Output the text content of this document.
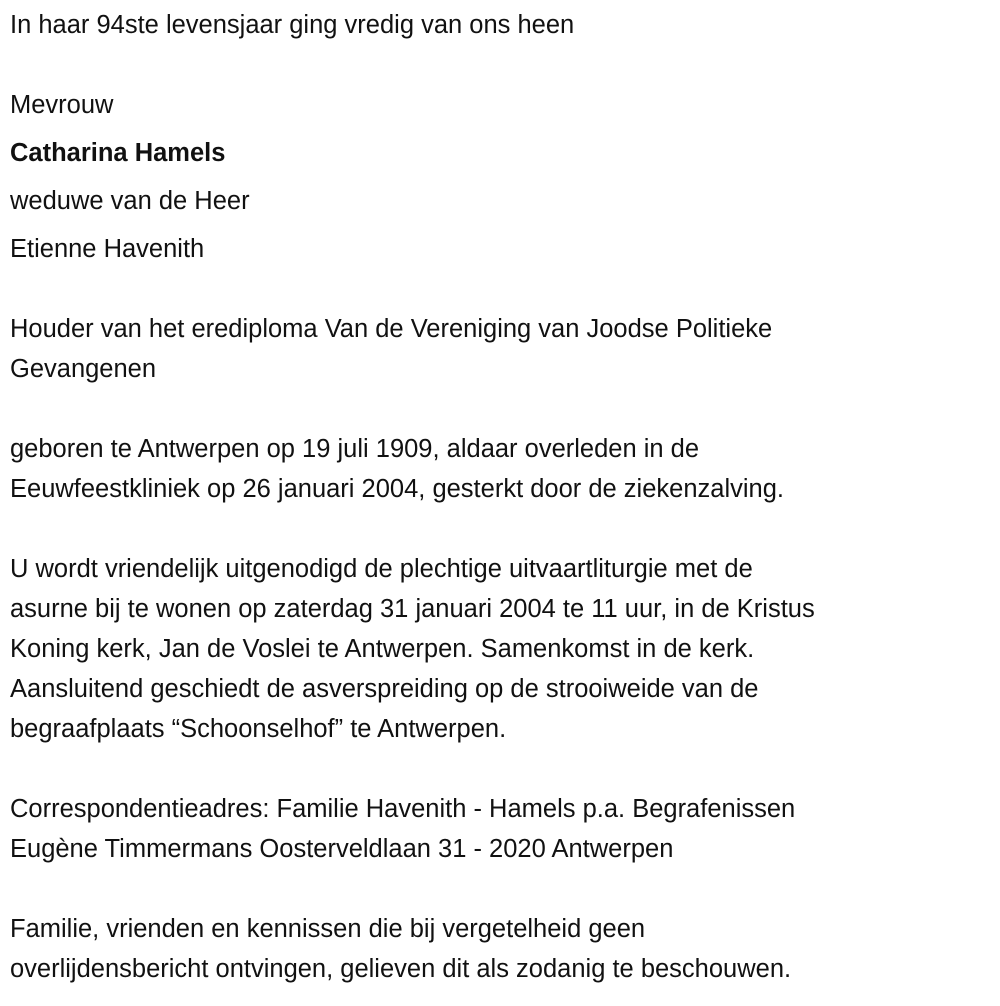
In haar 94ste levensjaar ging vredig van ons heen
Mevrouw
Catharina Hamels
weduwe van de Heer
Etienne Havenith
Houder van het erediploma Van de Vereniging van Joodse Politieke
Gevangenen
geboren te Antwerpen op 19 juli 1909, aldaar overleden in de
Eeuwfeestkliniek op 26 januari 2004, gesterkt door de ziekenzalving.
U wordt vriendelijk uitgenodigd de plechtige uitvaartliturgie met de
asurne bij te wonen op zaterdag 31 januari 2004 te 11 uur, in de Kristus
Koning kerk, Jan de Voslei te Antwerpen. Samenkomst in de kerk.
Aansluitend geschiedt de asverspreiding op de strooiweide van de
begraafplaats “Schoonselhof” te Antwerpen.
Correspondentieadres: Familie Havenith - Hamels p.a. Begrafenissen
Eugène Timmermans Oosterveldlaan 31 - 2020 Antwerpen
Familie, vrienden en kennissen die bij vergetelheid geen
overlijdensbericht ontvingen, gelieven dit als zodanig te beschouwen.
